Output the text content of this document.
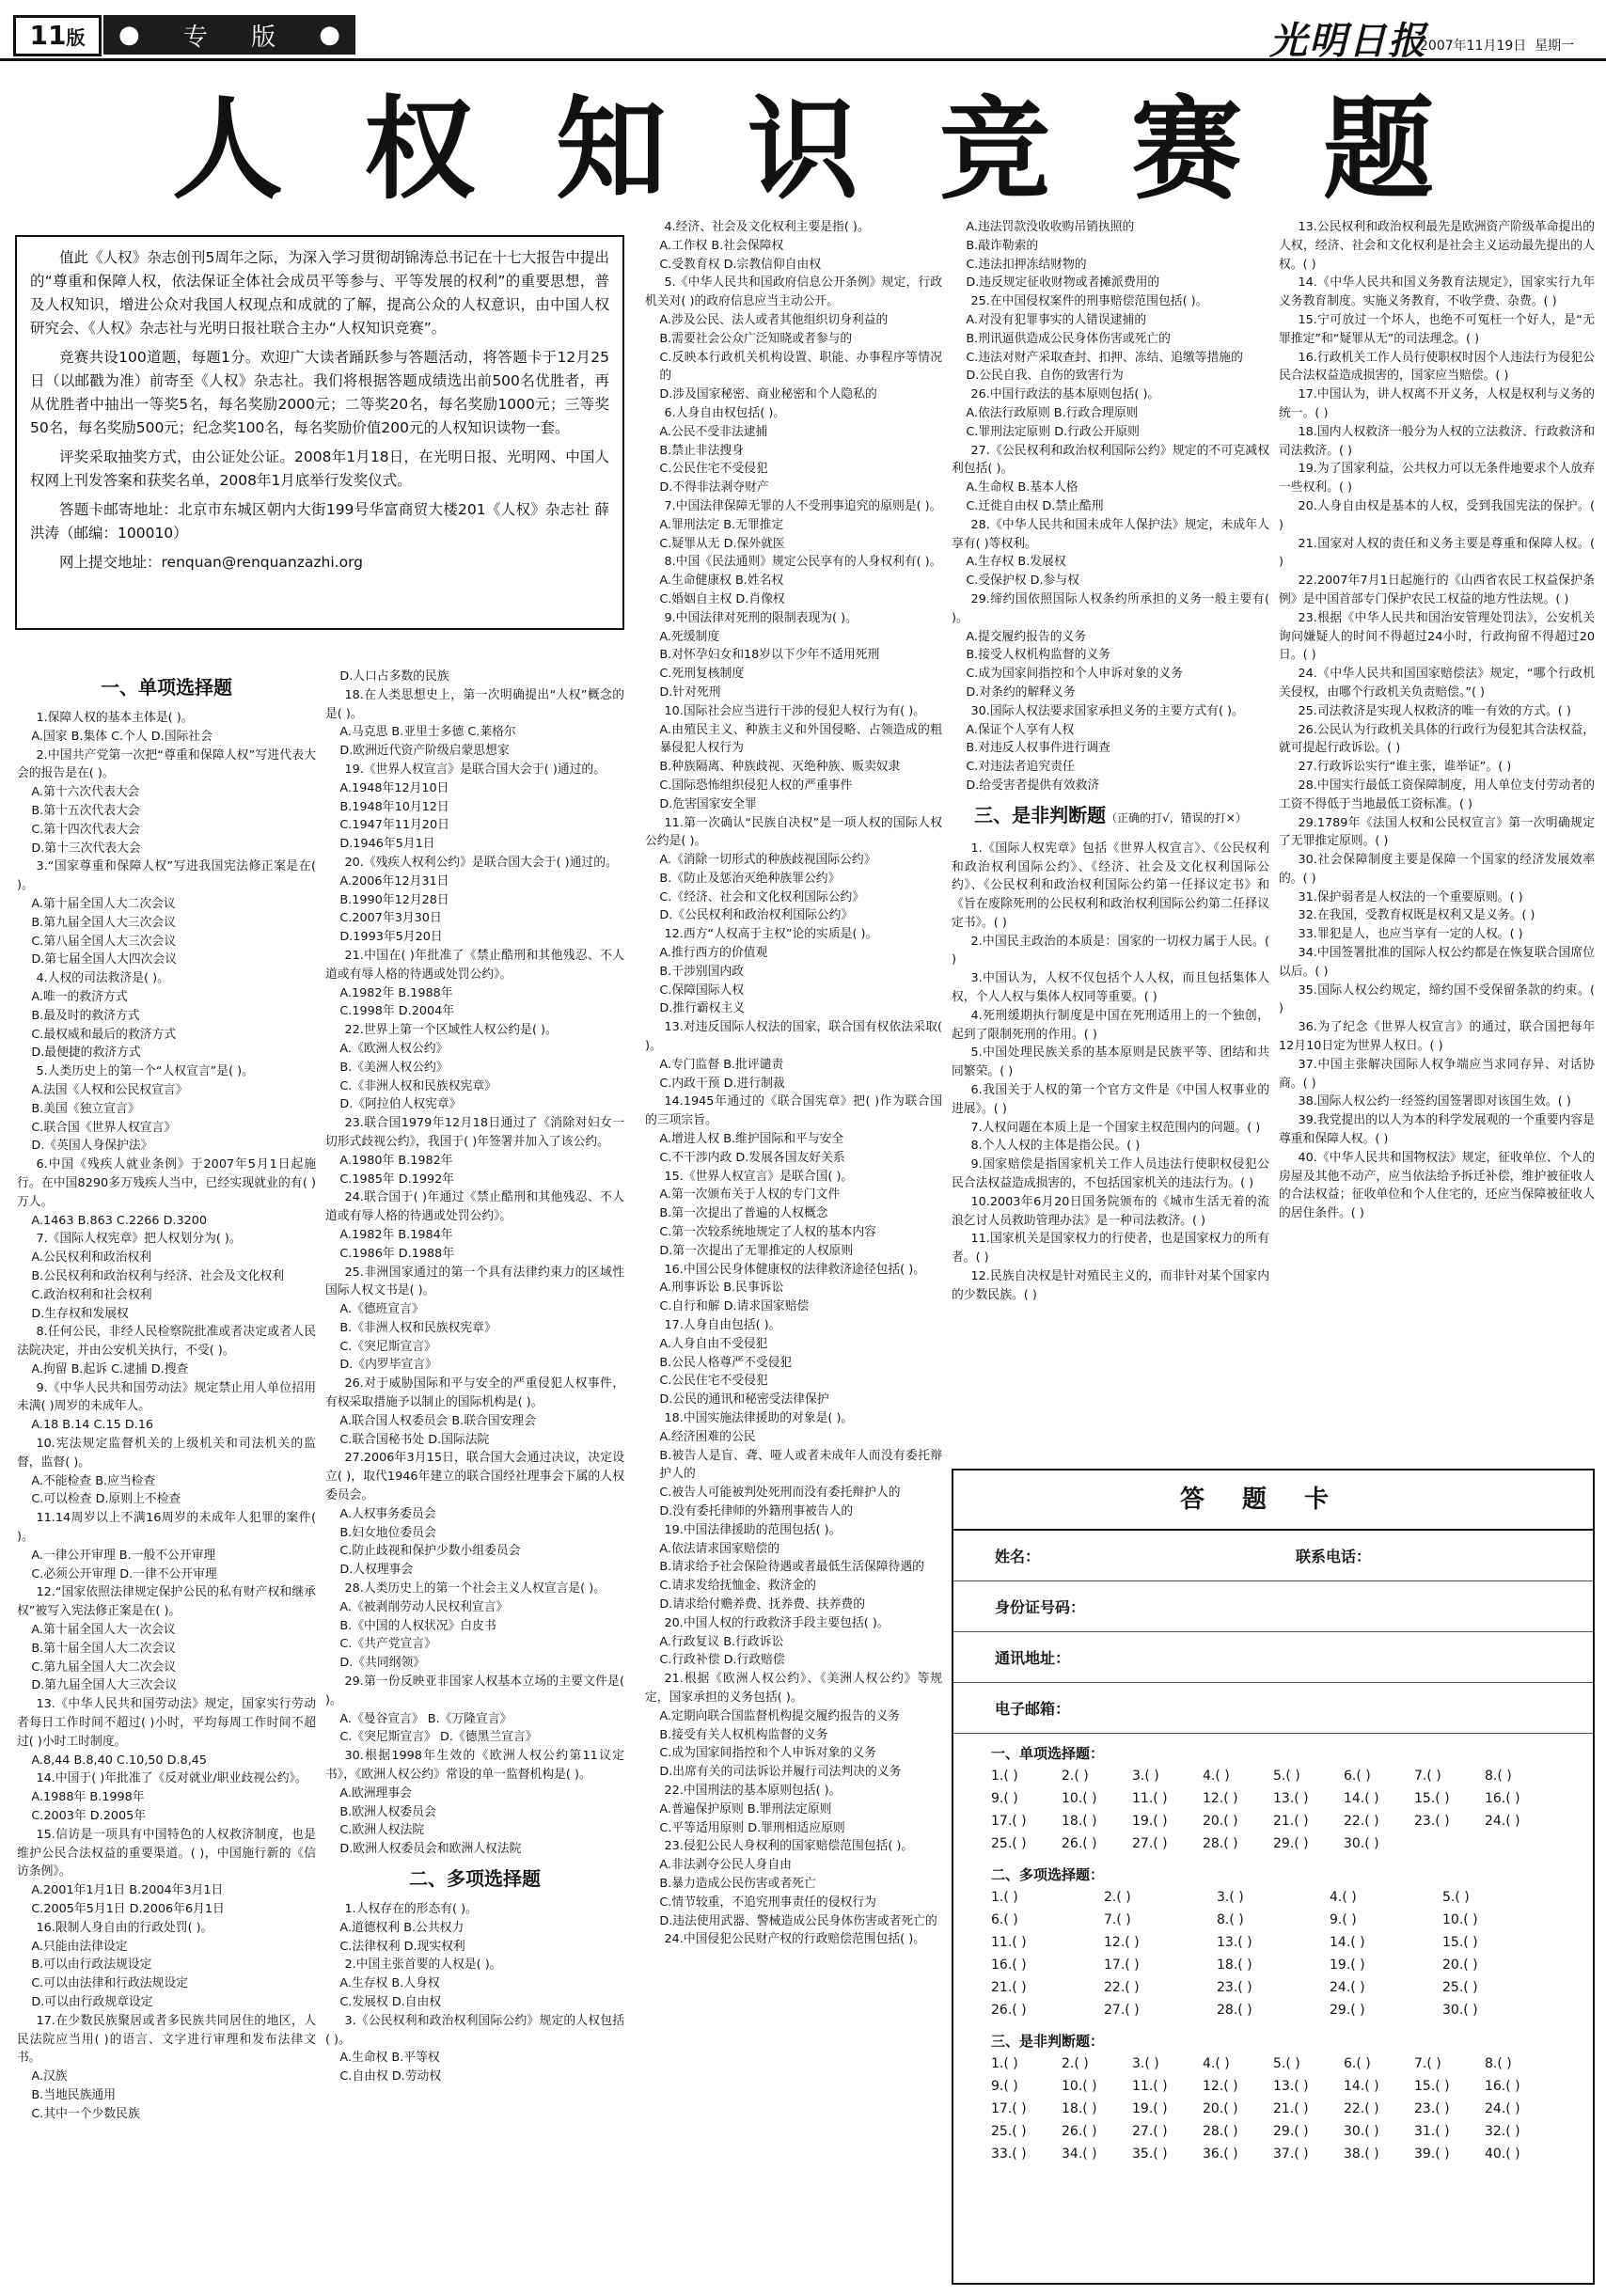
11版	● 专 版 ●	光明日报
2007年11月19日 星期一
人 权 知 识 竞 赛 题

值此《人权》杂志创刊5周年之际，为深入学习贯彻胡锦涛总书记在十七大报告中提出的“尊重和保障人权，依法保证全体社会成员平等参与、平等发展的权利”的重要思想，普及人权知识，增进公众对我国人权现点和成就的了解，提高公众的人权意识，由中国人权研究会、《人权》杂志社与光明日报社联合主办“人权知识竞赛”。

竞赛共设100道题，每题1分。欢迎广大读者踊跃参与答题活动，将答题卡于12月25日（以邮戳为准）前寄至《人权》杂志社。我们将根据答题成绩选出前500名优胜者，再从优胜者中抽出一等奖5名，每名奖励2000元；二等奖20名，每名奖励1000元；三等奖50名，每名奖励500元；纪念奖100名，每名奖励价值200元的人权知识读物一套。

评奖采取抽奖方式，由公证处公证。2008年1月18日，在光明日报、光明网、中国人权网上刊发答案和获奖名单，2008年1月底举行发奖仪式。

答题卡邮寄地址：北京市东城区朝内大街199号华富商贸大楼201《人权》杂志社 薛洪涛（邮编：100010）

网上提交地址：renquan@renquanzazhi.org

一、单项选择题

1.保障人权的基本主体是( )。

A.国家 B.集体 C.个人 D.国际社会

2.中国共产党第一次把“尊重和保障人权”写进代表大会的报告是在( )。

A.第十六次代表大会

B.第十五次代表大会

C.第十四次代表大会

D.第十三次代表大会

3.“国家尊重和保障人权”写进我国宪法修正案是在( )。

A.第十届全国人大二次会议

B.第九届全国人大三次会议

C.第八届全国人大三次会议

D.第七届全国人大四次会议

4.人权的司法救济是( )。

A.唯一的救济方式

B.最及时的救济方式

C.最权威和最后的救济方式

D.最便捷的救济方式

5.人类历史上的第一个“人权宣言”是( )。

A.法国《人权和公民权宣言》

B.美国《独立宣言》

C.联合国《世界人权宣言》

D.《英国人身保护法》

6.中国《残疾人就业条例》于2007年5月1日起施行。在中国8290多万残疾人当中，已经实现就业的有( )万人。

A.1463 B.863 C.2266 D.3200

7.《国际人权宪章》把人权划分为( )。

A.公民权利和政治权利

B.公民权利和政治权利与经济、社会及文化权利

C.政治权利和社会权利

D.生存权和发展权

8.任何公民，非经人民检察院批准或者决定或者人民法院决定，并由公安机关执行，不受( )。

A.拘留 B.起诉 C.逮捕 D.搜查

9.《中华人民共和国劳动法》规定禁止用人单位招用未满( )周岁的未成年人。

A.18 B.14 C.15 D.16

10.宪法规定监督机关的上级机关和司法机关的监督，监督( )。

A.不能检查 B.应当检查

C.可以检查 D.原则上不检查

11.14周岁以上不满16周岁的未成年人犯罪的案件( )。

A.一律公开审理 B.一般不公开审理

C.必须公开审理 D.一律不公开审理

12.“国家依照法律规定保护公民的私有财产权和继承权”被写入宪法修正案是在( )。

A.第十届全国人大一次会议

B.第十届全国人大二次会议

C.第九届全国人大二次会议

D.第九届全国人大三次会议

13.《中华人民共和国劳动法》规定，国家实行劳动者每日工作时间不超过( )小时，平均每周工作时间不超过( )小时工时制度。

A.8,44 B.8,40 C.10,50 D.8,45

14.中国于( )年批准了《反对就业/职业歧视公约》。

A.1988年 B.1998年

C.2003年 D.2005年

15.信访是一项具有中国特色的人权救济制度，也是维护公民合法权益的重要渠道。( )，中国施行新的《信访条例》。

A.2001年1月1日 B.2004年3月1日

C.2005年5月1日 D.2006年6月1日

16.限制人身自由的行政处罚( )。

A.只能由法律设定

B.可以由行政法规设定

C.可以由法律和行政法规设定

D.可以由行政规章设定

17.在少数民族聚居或者多民族共同居住的地区，人民法院应当用( )的语言、文字进行审理和发布法律文书。

A.汉族

B.当地民族通用

C.其中一个少数民族

D.人口占多数的民族

18.在人类思想史上，第一次明确提出“人权”概念的是( )。

A.马克思 B.亚里士多德 C.莱格尔

D.欧洲近代资产阶级启蒙思想家

19.《世界人权宣言》是联合国大会于( )通过的。

A.1948年12月10日

B.1948年10月12日

C.1947年11月20日

D.1946年5月1日

20.《残疾人权利公约》是联合国大会于( )通过的。

A.2006年12月31日

B.1990年12月28日

C.2007年3月30日

D.1993年5月20日

21.中国在( )年批准了《禁止酷刑和其他残忍、不人道或有辱人格的待遇或处罚公约》。

A.1982年 B.1988年

C.1998年 D.2004年

22.世界上第一个区域性人权公约是( )。

A.《欧洲人权公约》

B.《美洲人权公约》

C.《非洲人权和民族权宪章》

D.《阿拉伯人权宪章》

23.联合国1979年12月18日通过了《消除对妇女一切形式歧视公约》，我国于( )年签署并加入了该公约。

A.1980年 B.1982年

C.1985年 D.1992年

24.联合国于( )年通过《禁止酷刑和其他残忍、不人道或有辱人格的待遇或处罚公约》。

A.1982年 B.1984年

C.1986年 D.1988年

25.非洲国家通过的第一个具有法律约束力的区域性国际人权文书是( )。

A.《德班宣言》

B.《非洲人权和民族权宪章》

C.《突尼斯宣言》

D.《内罗毕宣言》

26.对于威胁国际和平与安全的严重侵犯人权事件，有权采取措施予以制止的国际机构是( )。

A.联合国人权委员会 B.联合国安理会

C.联合国秘书处 D.国际法院

27.2006年3月15日，联合国大会通过决议，决定设立( )，取代1946年建立的联合国经社理事会下属的人权委员会。

A.人权事务委员会

B.妇女地位委员会

C.防止歧视和保护少数小组委员会

D.人权理事会

28.人类历史上的第一个社会主义人权宣言是( )。

A.《被剥削劳动人民权利宣言》

B.《中国的人权状况》白皮书

C.《共产党宣言》

D.《共同纲领》

29.第一份反映亚非国家人权基本立场的主要文件是( )。

A.《曼谷宣言》 B.《万隆宣言》

C.《突尼斯宣言》 D.《德黑兰宣言》

30.根据1998年生效的《欧洲人权公约第11议定书》，《欧洲人权公约》常设的单一监督机构是( )。

A.欧洲理事会

B.欧洲人权委员会

C.欧洲人权法院

D.欧洲人权委员会和欧洲人权法院

二、多项选择题

1.人权存在的形态有( )。

A.道德权利 B.公共权力

C.法律权利 D.现实权利

2.中国主张首要的人权是( )。

A.生存权 B.人身权

C.发展权 D.自由权

3.《公民权利和政治权利国际公约》规定的人权包括( )。

A.生命权 B.平等权

C.自由权 D.劳动权

4.经济、社会及文化权利主要是指( )。

A.工作权 B.社会保障权

C.受教育权 D.宗教信仰自由权

5.《中华人民共和国政府信息公开条例》规定，行政机关对( )的政府信息应当主动公开。

A.涉及公民、法人或者其他组织切身利益的

B.需要社会公众广泛知晓或者参与的

C.反映本行政机关机构设置、职能、办事程序等情况的

D.涉及国家秘密、商业秘密和个人隐私的

6.人身自由权包括( )。

A.公民不受非法逮捕

B.禁止非法搜身

C.公民住宅不受侵犯

D.不得非法剥夺财产

7.中国法律保障无罪的人不受刑事追究的原则是( )。

A.罪刑法定 B.无罪推定

C.疑罪从无 D.保外就医

8.中国《民法通则》规定公民享有的人身权利有( )。

A.生命健康权 B.姓名权

C.婚姻自主权 D.肖像权

9.中国法律对死刑的限制表现为( )。

A.死缓制度

B.对怀孕妇女和18岁以下少年不适用死刑

C.死刑复核制度

D.针对死刑

10.国际社会应当进行干涉的侵犯人权行为有( )。

A.由殖民主义、种族主义和外国侵略、占领造成的粗暴侵犯人权行为

B.种族隔离、种族歧视、灭绝种族、贩卖奴隶

C.国际恐怖组织侵犯人权的严重事件

D.危害国家安全罪

11.第一次确认“民族自决权”是一项人权的国际人权公约是( )。

A.《消除一切形式的种族歧视国际公约》

B.《防止及惩治灭绝种族罪公约》

C.《经济、社会和文化权利国际公约》

D.《公民权利和政治权利国际公约》

12.西方“人权高于主权”论的实质是( )。

A.推行西方的价值观

B.干涉别国内政

C.保障国际人权

D.推行霸权主义

13.对违反国际人权法的国家，联合国有权依法采取( )。

A.专门监督 B.批评谴责

C.内政干预 D.进行制裁

14.1945年通过的《联合国宪章》把( )作为联合国的三项宗旨。

A.增进人权 B.维护国际和平与安全

C.不干涉内政 D.发展各国友好关系

15.《世界人权宣言》是联合国( )。

A.第一次颁布关于人权的专门文件

B.第一次提出了普遍的人权概念

C.第一次较系统地规定了人权的基本内容

D.第一次提出了无罪推定的人权原则

16.中国公民身体健康权的法律救济途径包括( )。

A.刑事诉讼 B.民事诉讼

C.自行和解 D.请求国家赔偿

17.人身自由包括( )。

A.人身自由不受侵犯

B.公民人格尊严不受侵犯

C.公民住宅不受侵犯

D.公民的通讯和秘密受法律保护

18.中国实施法律援助的对象是( )。

A.经济困难的公民

B.被告人是盲、聋、哑人或者未成年人而没有委托辩护人的

C.被告人可能被判处死刑而没有委托辩护人的

D.没有委托律师的外籍刑事被告人的

19.中国法律援助的范围包括( )。

A.依法请求国家赔偿的

B.请求给予社会保险待遇或者最低生活保障待遇的

C.请求发给抚恤金、救济金的

D.请求给付赡养费、抚养费、扶养费的

20.中国人权的行政救济手段主要包括( )。

A.行政复议 B.行政诉讼

C.行政补偿 D.行政赔偿

21.根据《欧洲人权公约》、《美洲人权公约》等规定，国家承担的义务包括( )。

A.定期向联合国监督机构提交履约报告的义务

B.接受有关人权机构监督的义务

C.成为国家间指控和个人申诉对象的义务

D.出席有关的司法诉讼并履行司法判决的义务

22.中国刑法的基本原则包括( )。

A.普遍保护原则 B.罪刑法定原则

C.平等适用原则 D.罪刑相适应原则

23.侵犯公民人身权利的国家赔偿范围包括( )。

A.非法剥夺公民人身自由

B.暴力造成公民伤害或者死亡

C.情节较重，不追究刑事责任的侵权行为

D.违法使用武器、警械造成公民身体伤害或者死亡的

24.中国侵犯公民财产权的行政赔偿范围包括( )。

A.违法罚款没收收购吊销执照的

B.敲诈勒索的

C.违法扣押冻结财物的

D.违反规定征收财物或者摊派费用的

25.在中国侵权案件的刑事赔偿范围包括( )。

A.对没有犯罪事实的人错误逮捕的

B.刑讯逼供造成公民身体伤害或死亡的

C.违法对财产采取查封、扣押、冻结、追缴等措施的

D.公民自我、自伤的致害行为

26.中国行政法的基本原则包括( )。

A.依法行政原则 B.行政合理原则

C.罪刑法定原则 D.行政公开原则

27.《公民权利和政治权利国际公约》规定的不可克减权利包括( )。

A.生命权 B.基本人格

C.迁徙自由权 D.禁止酷刑

28.《中华人民共和国未成年人保护法》规定，未成年人享有( )等权利。

A.生存权 B.发展权

C.受保护权 D.参与权

29.缔约国依照国际人权条约所承担的义务一般主要有( )。

A.提交履约报告的义务

B.接受人权机构监督的义务

C.成为国家间指控和个人申诉对象的义务

D.对条约的解释义务

30.国际人权法要求国家承担义务的主要方式有( )。

A.保证个人享有人权

B.对违反人权事件进行调查

C.对违法者追究责任

D.给受害者提供有效救济

三、是非判断题（正确的打√，错误的打×）

1.《国际人权宪章》包括《世界人权宣言》、《公民权利和政治权利国际公约》、《经济、社会及文化权利国际公约》、《公民权利和政治权利国际公约第一任择议定书》和《旨在废除死刑的公民权利和政治权利国际公约第二任择议定书》。( )

2.中国民主政治的本质是：国家的一切权力属于人民。( )

3.中国认为，人权不仅包括个人人权，而且包括集体人权，个人人权与集体人权同等重要。( )

4.死刑缓期执行制度是中国在死刑适用上的一个独创，起到了限制死刑的作用。( )

5.中国处理民族关系的基本原则是民族平等、团结和共同繁荣。( )

6.我国关于人权的第一个官方文件是《中国人权事业的进展》。( )

7.人权问题在本质上是一个国家主权范围内的问题。( )

8.个人人权的主体是指公民。( )

9.国家赔偿是指国家机关工作人员违法行使职权侵犯公民合法权益造成损害的，不包括国家机关的违法行为。( )

10.2003年6月20日国务院颁布的《城市生活无着的流浪乞讨人员救助管理办法》是一种司法救济。( )

11.国家机关是国家权力的行使者，也是国家权力的所有者。( )

12.民族自决权是针对殖民主义的，而非针对某个国家内的少数民族。( )

13.公民权利和政治权利最先是欧洲资产阶级革命提出的人权，经济、社会和文化权利是社会主义运动最先提出的人权。( )

14.《中华人民共和国义务教育法规定》，国家实行九年义务教育制度。实施义务教育，不收学费、杂费。( )

15.宁可放过一个坏人，也绝不可冤枉一个好人，是“无罪推定”和“疑罪从无”的司法理念。( )

16.行政机关工作人员行使职权时因个人违法行为侵犯公民合法权益造成损害的，国家应当赔偿。( )

17.中国认为，讲人权离不开义务，人权是权利与义务的统一。( )

18.国内人权救济一般分为人权的立法救济、行政救济和司法救济。( )

19.为了国家利益，公共权力可以无条件地要求个人放弃一些权利。( )

20.人身自由权是基本的人权，受到我国宪法的保护。( )

21.国家对人权的责任和义务主要是尊重和保障人权。( )

22.2007年7月1日起施行的《山西省农民工权益保护条例》是中国首部专门保护农民工权益的地方性法规。( )

23.根据《中华人民共和国治安管理处罚法》，公安机关询问嫌疑人的时间不得超过24小时，行政拘留不得超过20日。( )

24.《中华人民共和国国家赔偿法》规定，“哪个行政机关侵权，由哪个行政机关负责赔偿。”( )

25.司法救济是实现人权救济的唯一有效的方式。( )

26.公民认为行政机关具体的行政行为侵犯其合法权益，就可提起行政诉讼。( )

27.行政诉讼实行“谁主张，谁举证”。( )

28.中国实行最低工资保障制度，用人单位支付劳动者的工资不得低于当地最低工资标准。( )

29.1789年《法国人权和公民权宣言》第一次明确规定了无罪推定原则。( )

30.社会保障制度主要是保障一个国家的经济发展效率的。( )

31.保护弱者是人权法的一个重要原则。( )

32.在我国，受教育权既是权利又是义务。( )

33.罪犯是人，也应当享有一定的人权。( )

34.中国签署批准的国际人权公约都是在恢复联合国席位以后。( )

35.国际人权公约规定，缔约国不受保留条款的约束。( )

36.为了纪念《世界人权宣言》的通过，联合国把每年12月10日定为世界人权日。( )

37.中国主张解决国际人权争端应当求同存异、对话协商。( )

38.国际人权公约一经签约国签署即对该国生效。( )

39.我党提出的以人为本的科学发展观的一个重要内容是尊重和保障人权。( )

40.《中华人民共和国物权法》规定，征收单位、个人的房屋及其他不动产，应当依法给予拆迁补偿，维护被征收人的合法权益；征收单位和个人住宅的，还应当保障被征收人的居住条件。( )

答题卡
姓名：	联系电话：
身份证号码：
通讯地址：
电子邮箱：
一、单项选择题：
1.( )	2.( )	3.( )	4.( )	5.( )	6.( )	7.( )	8.( )
9.( )	10.( )	11.( )	12.( )	13.( )	14.( )	15.( )	16.( )
17.( )	18.( )	19.( )	20.( )	21.( )	22.( )	23.( )	24.( )
25.( )	26.( )	27.( )	28.( )	29.( )	30.( )
二、多项选择题：
1.( )	2.( )	3.( )	4.( )	5.( )
6.( )	7.( )	8.( )	9.( )	10.( )
11.( )	12.( )	13.( )	14.( )	15.( )
16.( )	17.( )	18.( )	19.( )	20.( )
21.( )	22.( )	23.( )	24.( )	25.( )
26.( )	27.( )	28.( )	29.( )	30.( )
三、是非判断题：
1.( )	2.( )	3.( )	4.( )	5.( )	6.( )	7.( )	8.( )
9.( )	10.( )	11.( )	12.( )	13.( )	14.( )	15.( )	16.( )
17.( )	18.( )	19.( )	20.( )	21.( )	22.( )	23.( )	24.( )
25.( )	26.( )	27.( )	28.( )	29.( )	30.( )	31.( )	32.( )
33.( )	34.( )	35.( )	36.( )	37.( )	38.( )	39.( )	40.( )
